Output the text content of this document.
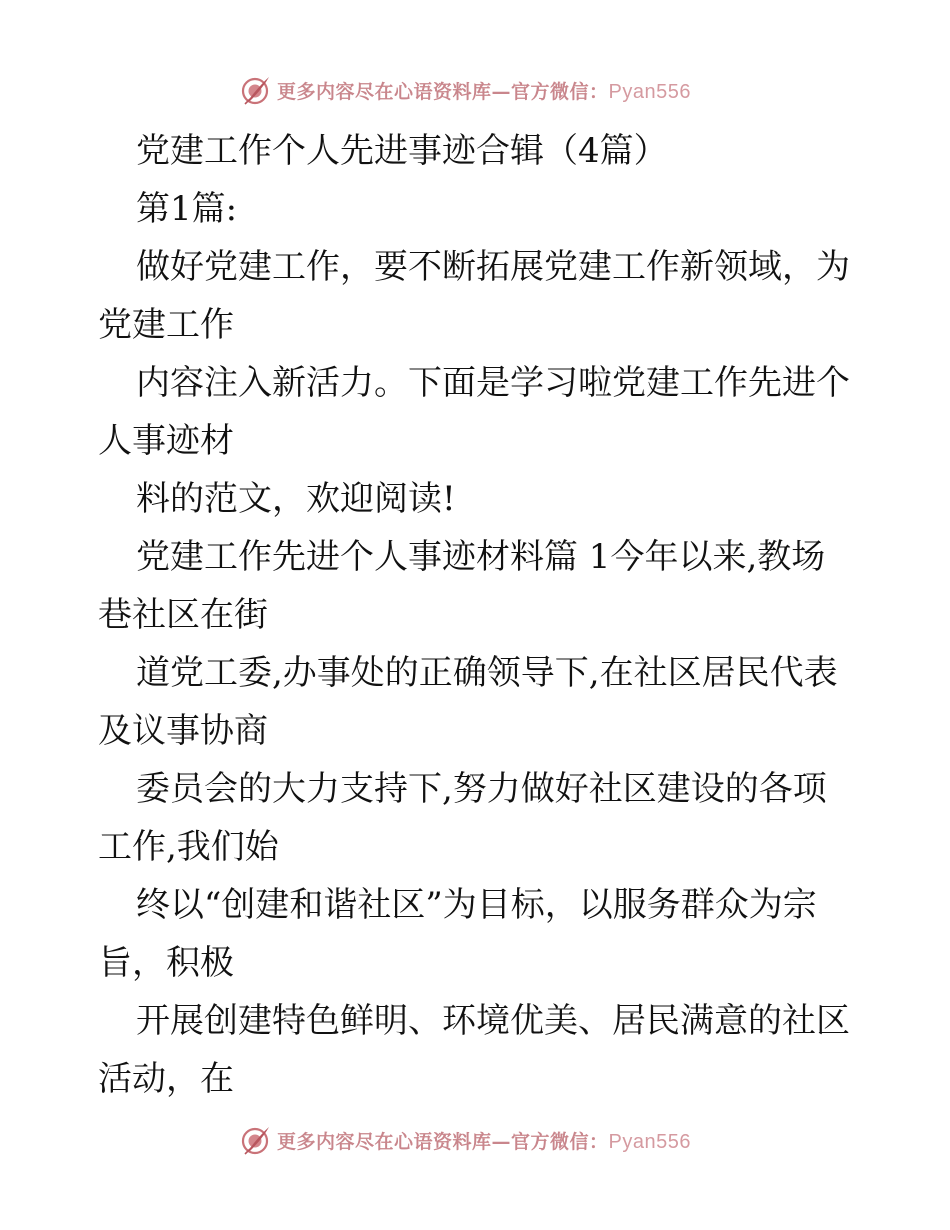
更多内容尽在心语资料库—官方微信：Pyan556
党建工作个人先进事迹合辑（4篇）
第1篇:
做好党建工作，要不断拓展党建工作新领域，为
党建工作
内容注入新活力。下面是学习啦党建工作先进个
人事迹材
料的范文，欢迎阅读!
党建工作先进个人事迹材料篇 1今年以来,教场
巷社区在街
道党工委,办事处的正确领导下,在社区居民代表
及议事协商
委员会的大力支持下,努力做好社区建设的各项
工作,我们始
终以“创建和谐社区”为目标，以服务群众为宗
旨，积极
开展创建特色鲜明、环境优美、居民满意的社区
活动，在
更多内容尽在心语资料库—官方微信：Pyan556
